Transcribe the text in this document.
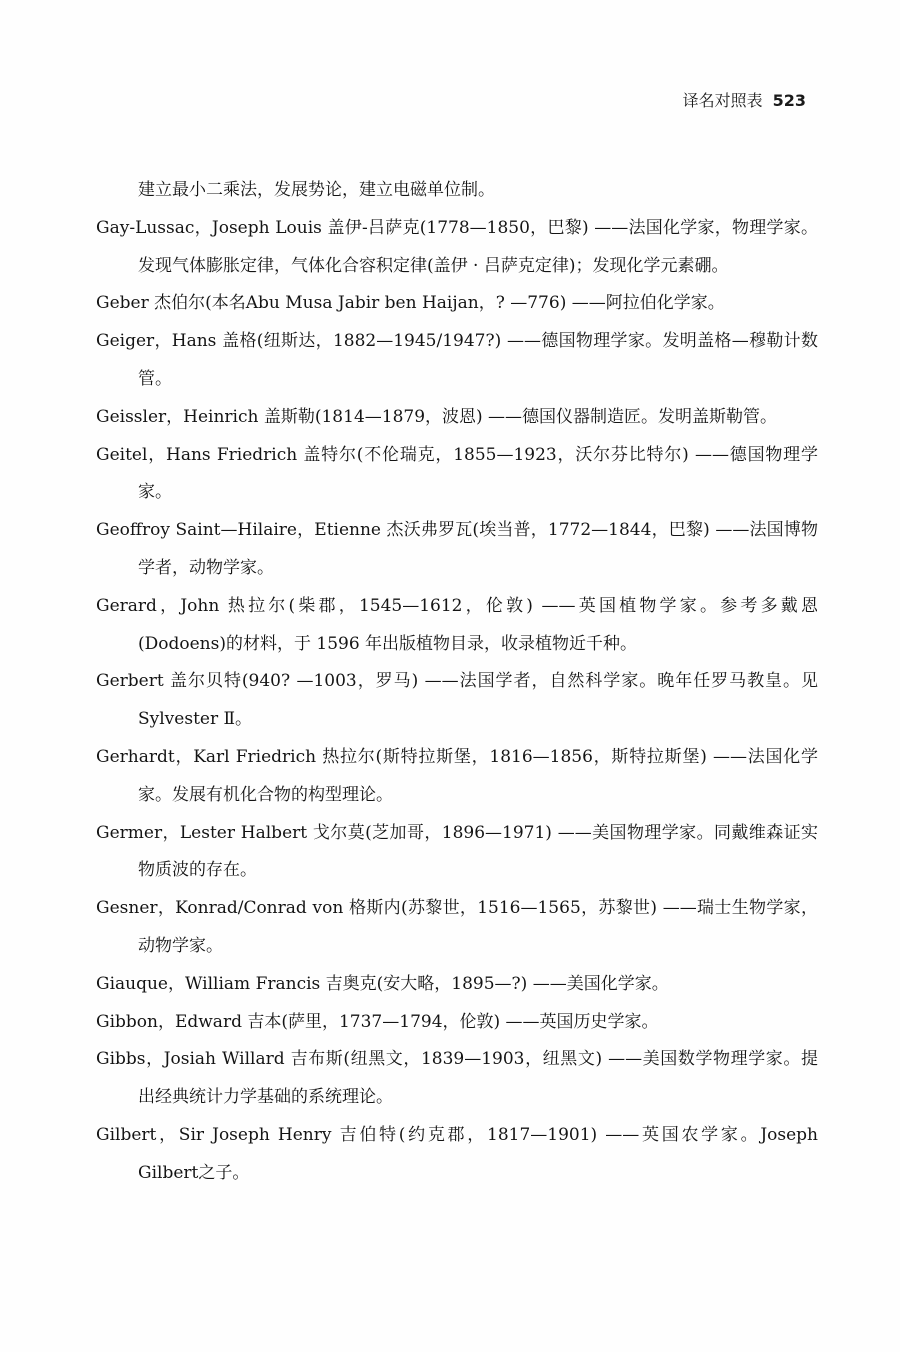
译名对照表 523

建立最小二乘法，发展势论，建立电磁单位制。

Gay-Lussac，Joseph Louis 盖伊-吕萨克(1778—1850，巴黎) ——法国化学家，物理学家。发现气体膨胀定律，气体化合容积定律(盖伊 · 吕萨克定律)；发现化学元素硼。

Geber 杰伯尔(本名Abu Musa Jabir ben Haijan，? —776) ——阿拉伯化学家。

Geiger，Hans 盖格(纽斯达，1882—1945/1947?) ——德国物理学家。发明盖格—穆勒计数管。

Geissler，Heinrich 盖斯勒(1814—1879，波恩) ——德国仪器制造匠。发明盖斯勒管。

Geitel，Hans Friedrich 盖特尔(不伦瑞克，1855—1923，沃尔芬比特尔) ——德国物理学家。

Geoffroy Saint—Hilaire，Etienne 杰沃弗罗瓦(埃当普，1772—1844，巴黎) ——法国博物学者，动物学家。

Gerard，John 热拉尔(柴郡，1545—1612，伦敦) ——英国植物学家。参考多戴恩(Dodoens)的材料，于 1596 年出版植物目录，收录植物近千种。

Gerbert 盖尔贝特(940? —1003，罗马) ——法国学者，自然科学家。晚年任罗马教皇。见Sylvester Ⅱ。

Gerhardt，Karl Friedrich 热拉尔(斯特拉斯堡，1816—1856，斯特拉斯堡) ——法国化学家。发展有机化合物的构型理论。

Germer，Lester Halbert 戈尔莫(芝加哥，1896—1971) ——美国物理学家。同戴维森证实物质波的存在。

Gesner，Konrad/Conrad von 格斯内(苏黎世，1516—1565，苏黎世) ——瑞士生物学家，动物学家。

Giauque，William Francis 吉奥克(安大略，1895—?) ——美国化学家。

Gibbon，Edward 吉本(萨里，1737—1794，伦敦) ——英国历史学家。

Gibbs，Josiah Willard 吉布斯(纽黑文，1839—1903，纽黑文) ——美国数学物理学家。提出经典统计力学基础的系统理论。

Gilbert，Sir Joseph Henry 吉伯特(约克郡，1817—1901) ——英国农学家。Joseph Gilbert之子。
